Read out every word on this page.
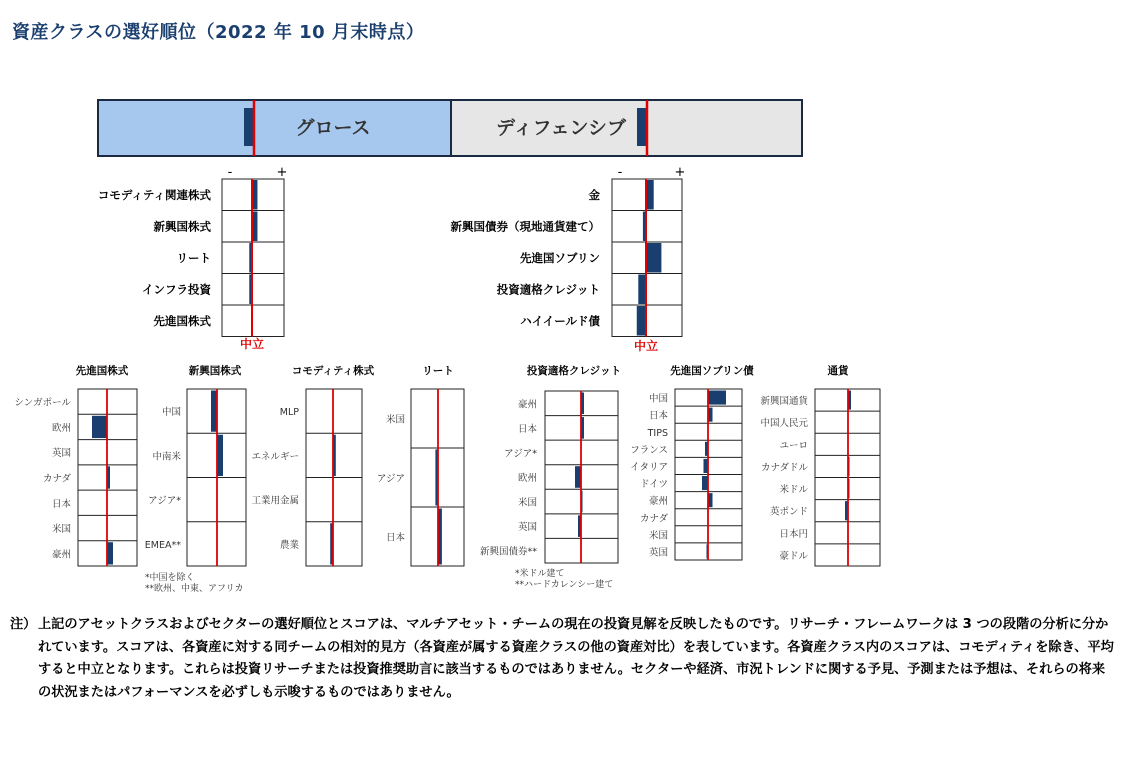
資産クラスの選好順位（2022 年 10 月末時点）
グロース	ディフェンシブ
-	+
コモディティ関連株式
新興国株式
リート
インフラ投資
先進国株式
中立
-	+
金
新興国債券（現地通貨建て）
先進国ソブリン
投資適格クレジット
ハイイールド債
中立
先進国株式
シンガポール
欧州
英国
カナダ
日本
米国
豪州
新興国株式
中国
中南米
アジア*
EMEA**
*中国を除く
**欧州、中東、アフリカ
コモディティ株式
MLP
エネルギー
工業用金属
農業
リート
米国
アジア
日本
投資適格クレジット
豪州
日本
アジア*
欧州
米国
英国
新興国債券**
*米ドル建て
**ハードカレンシー建て
先進国ソブリン債
中国
日本
TIPS
フランス
イタリア
ドイツ
豪州
カナダ
米国
英国
通貨
新興国通貨
中国人民元
ユーロ
カナダドル
米ドル
英ポンド
日本円
豪ドル
注） 上記のアセットクラスおよびセクターの選好順位とスコアは、マルチアセット・チームの現在の投資見解を反映したものです。リサーチ・フレームワークは 3 つの段階の分析に分かれています。スコアは、各資産に対する同チームの相対的見方（各資産が属する資産クラスの他の資産対比）を表しています。各資産クラス内のスコアは、コモディティを除き、平均すると中立となります。これらは投資リサーチまたは投資推奨助言に該当するものではありません。セクターや経済、市況トレンドに関する予見、予測または予想は、それらの将来の状況またはパフォーマンスを必ずしも示唆するものではありません。
